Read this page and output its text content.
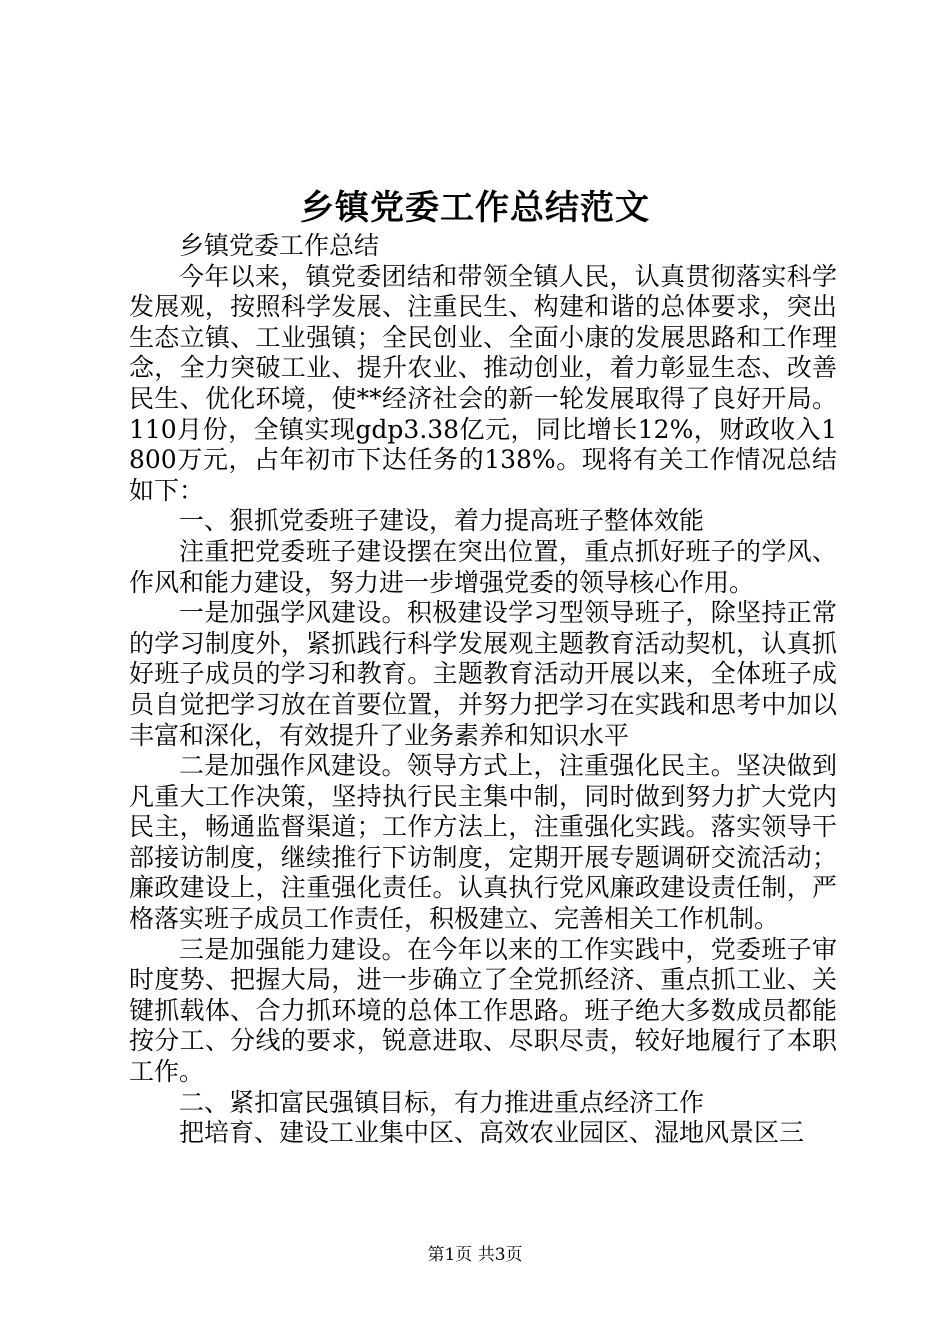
乡镇党委工作总结范文

乡镇党委工作总结

今年以来，镇党委团结和带领全镇人民，认真贯彻落实科学发展观，按照科学发展、注重民生、构建和谐的总体要求，突出生态立镇、工业强镇；全民创业、全面小康的发展思路和工作理念，全力突破工业、提升农业、推动创业，着力彰显生态、改善民生、优化环境，使**经济社会的新一轮发展取得了良好开局。110月份，全镇实现gdp3.38亿元，同比增长12%，财政收入1800万元，占年初市下达任务的138%。现将有关工作情况总结如下：

一、狠抓党委班子建设，着力提高班子整体效能

注重把党委班子建设摆在突出位置，重点抓好班子的学风、作风和能力建设，努力进一步增强党委的领导核心作用。

一是加强学风建设。积极建设学习型领导班子，除坚持正常的学习制度外，紧抓践行科学发展观主题教育活动契机，认真抓好班子成员的学习和教育。主题教育活动开展以来，全体班子成员自觉把学习放在首要位置，并努力把学习在实践和思考中加以丰富和深化，有效提升了业务素养和知识水平

二是加强作风建设。领导方式上，注重强化民主。坚决做到凡重大工作决策，坚持执行民主集中制，同时做到努力扩大党内民主，畅通监督渠道；工作方法上，注重强化实践。落实领导干部接访制度，继续推行下访制度，定期开展专题调研交流活动；廉政建设上，注重强化责任。认真执行党风廉政建设责任制，严格落实班子成员工作责任，积极建立、完善相关工作机制。

三是加强能力建设。在今年以来的工作实践中，党委班子审时度势、把握大局，进一步确立了全党抓经济、重点抓工业、关键抓载体、合力抓环境的总体工作思路。班子绝大多数成员都能按分工、分线的要求，锐意进取、尽职尽责，较好地履行了本职工作。

二、紧扣富民强镇目标，有力推进重点经济工作

把培育、建设工业集中区、高效农业园区、湿地风景区三

第1页 共3页
